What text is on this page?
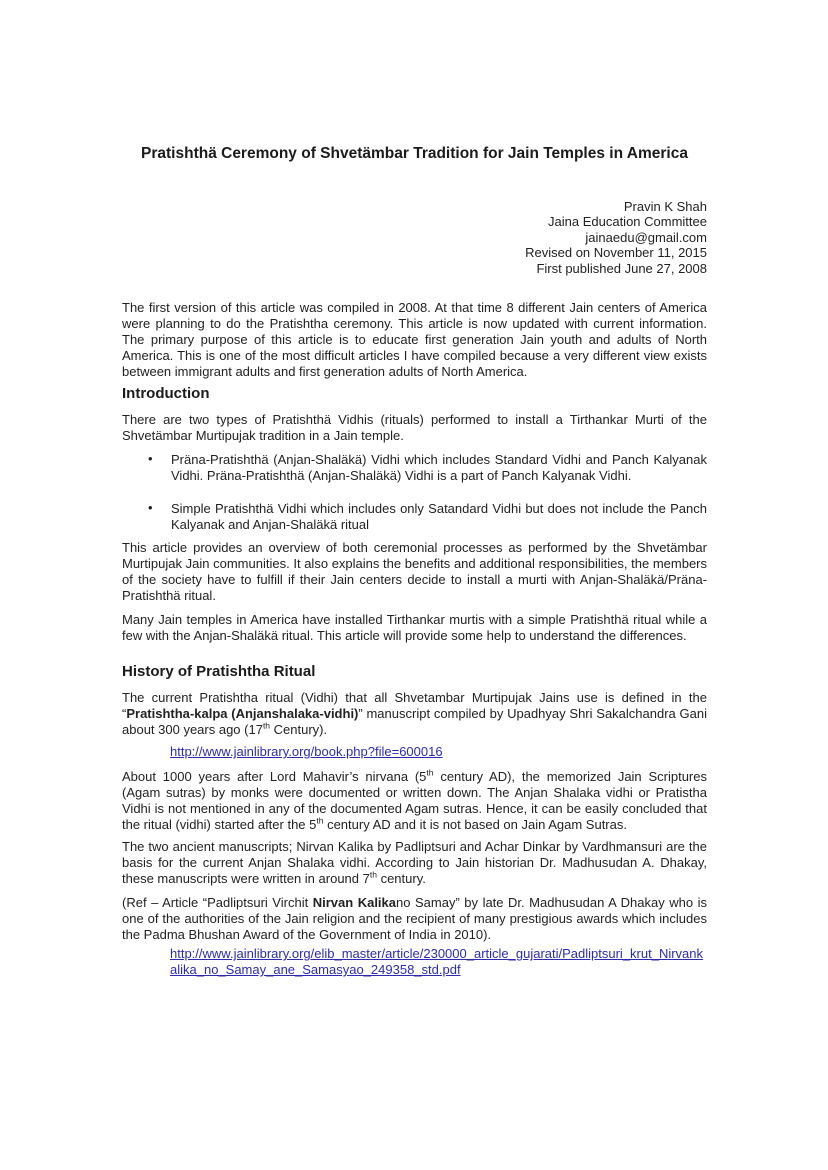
Pratishthä Ceremony of Shvetämbar Tradition for Jain Temples in America
Pravin K Shah
Jaina Education Committee
jainaedu@gmail.com
Revised on November 11, 2015
First published June 27, 2008
The first version of this article was compiled in 2008. At that time 8 different Jain centers of America were planning to do the Pratishtha ceremony. This article is now updated with current information. The primary purpose of this article is to educate first generation Jain youth and adults of North America. This is one of the most difficult articles I have compiled because a very different view exists between immigrant adults and first generation adults of North America.
Introduction
There are two types of Pratishthä Vidhis (rituals) performed to install a Tirthankar Murti of the Shvetämbar Murtipujak tradition in a Jain temple.
• Präna-Pratishthä (Anjan-Shaläkä) Vidhi which includes Standard Vidhi and Panch Kalyanak Vidhi. Präna-Pratishthä (Anjan-Shaläkä) Vidhi is a part of Panch Kalyanak Vidhi.
• Simple Pratishthä Vidhi which includes only Satandard Vidhi but does not include the Panch Kalyanak and Anjan-Shaläkä ritual
This article provides an overview of both ceremonial processes as performed by the Shvetämbar Murtipujak Jain communities. It also explains the benefits and additional responsibilities, the members of the society have to fulfill if their Jain centers decide to install a murti with Anjan-Shaläkä/Präna-Pratishthä ritual.
Many Jain temples in America have installed Tirthankar murtis with a simple Pratishthä ritual while a few with the Anjan-Shaläkä ritual. This article will provide some help to understand the differences.
History of Pratishtha Ritual
The current Pratishtha ritual (Vidhi) that all Shvetambar Murtipujak Jains use is defined in the “Pratishtha-kalpa (Anjanshalaka-vidhi)” manuscript compiled by Upadhyay Shri Sakalchandra Gani about 300 years ago (17th Century).
http://www.jainlibrary.org/book.php?file=600016
About 1000 years after Lord Mahavir’s nirvana (5th century AD), the memorized Jain Scriptures (Agam sutras) by monks were documented or written down. The Anjan Shalaka vidhi or Pratistha Vidhi is not mentioned in any of the documented Agam sutras. Hence, it can be easily concluded that the ritual (vidhi) started after the 5th century AD and it is not based on Jain Agam Sutras.
The two ancient manuscripts; Nirvan Kalika by Padliptsuri and Achar Dinkar by Vardhmansuri are the basis for the current Anjan Shalaka vidhi. According to Jain historian Dr. Madhusudan A. Dhakay, these manuscripts were written in around 7th century.
(Ref – Article “Padliptsuri Virchit Nirvan Kalikano Samay” by late Dr. Madhusudan A Dhakay who is one of the authorities of the Jain religion and the recipient of many prestigious awards which includes the Padma Bhushan Award of the Government of India in 2010).
http://www.jainlibrary.org/elib_master/article/230000_article_gujarati/Padliptsuri_krut_Nirvankalika_no_Samay_ane_Samasyao_249358_std.pdf
